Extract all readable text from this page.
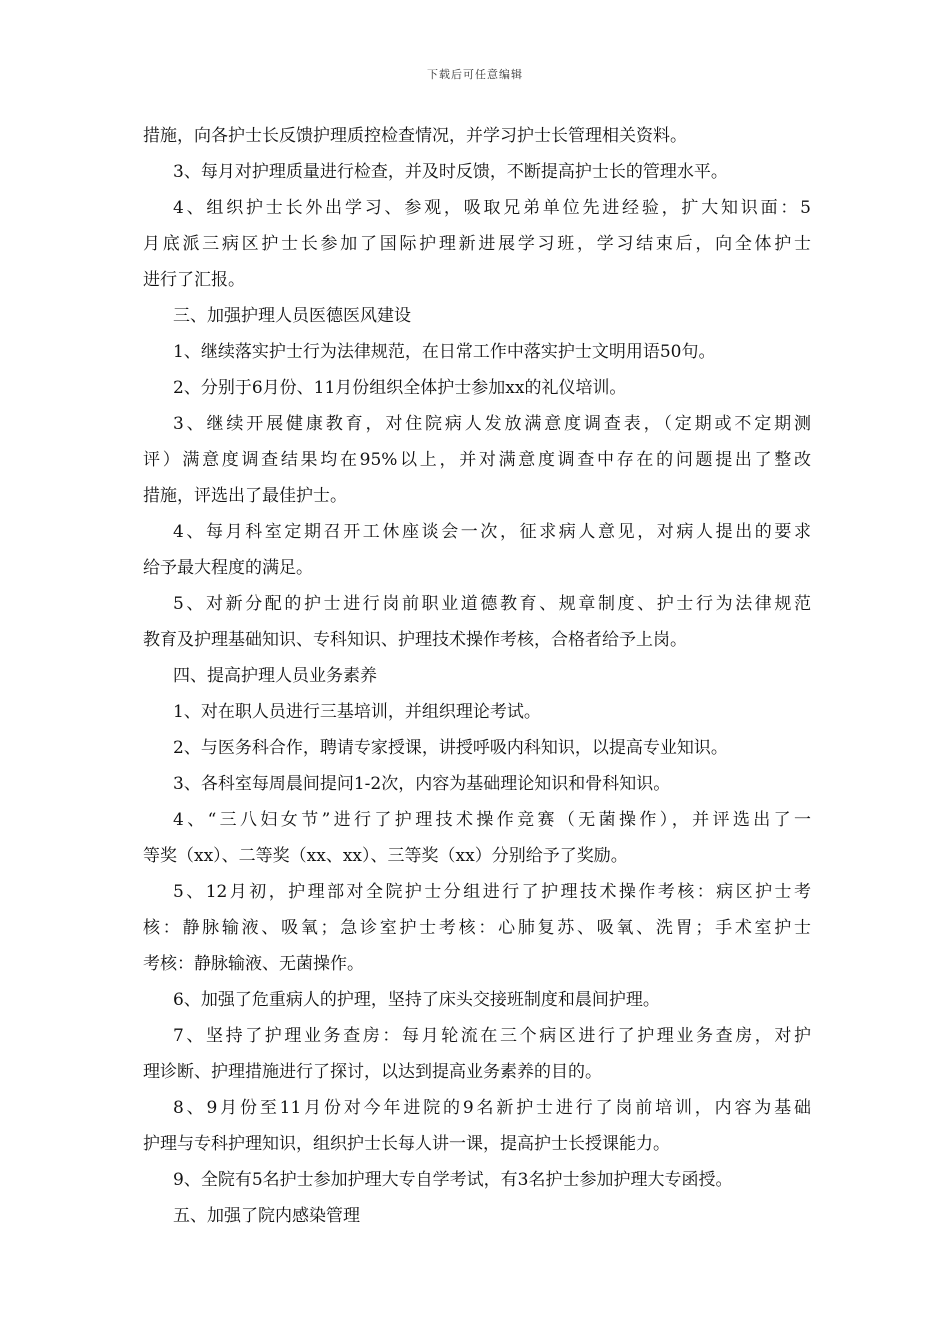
下载后可任意编辑
措施，向各护士长反馈护理质控检查情况，并学习护士长管理相关资料。
3、每月对护理质量进行检查，并及时反馈，不断提高护士长的管理水平。
4、组织护士长外出学习、参观，吸取兄弟单位先进经验，扩大知识面：5
月底派三病区护士长参加了国际护理新进展学习班，学习结束后，向全体护士
进行了汇报。
三、加强护理人员医德医风建设
1、继续落实护士行为法律规范，在日常工作中落实护士文明用语50句。
2、分别于6月份、11月份组织全体护士参加xx的礼仪培训。
3、继续开展健康教育，对住院病人发放满意度调查表，（定期或不定期测
评）满意度调查结果均在95%以上，并对满意度调查中存在的问题提出了整改
措施，评选出了最佳护士。
4、每月科室定期召开工休座谈会一次，征求病人意见，对病人提出的要求
给予最大程度的满足。
5、对新分配的护士进行岗前职业道德教育、规章制度、护士行为法律规范
教育及护理基础知识、专科知识、护理技术操作考核，合格者给予上岗。
四、提高护理人员业务素养
1、对在职人员进行三基培训，并组织理论考试。
2、与医务科合作，聘请专家授课，讲授呼吸内科知识，以提高专业知识。
3、各科室每周晨间提问1-2次，内容为基础理论知识和骨科知识。
4、“三八妇女节”进行了护理技术操作竞赛（无菌操作），并评选出了一
等奖（xx）、二等奖（xx、xx）、三等奖（xx）分别给予了奖励。
5、12月初，护理部对全院护士分组进行了护理技术操作考核：病区护士考
核：静脉输液、吸氧；急诊室护士考核：心肺复苏、吸氧、洗胃；手术室护士
考核：静脉输液、无菌操作。
6、加强了危重病人的护理，坚持了床头交接班制度和晨间护理。
7、坚持了护理业务查房：每月轮流在三个病区进行了护理业务查房，对护
理诊断、护理措施进行了探讨，以达到提高业务素养的目的。
8、9月份至11月份对今年进院的9名新护士进行了岗前培训，内容为基础
护理与专科护理知识，组织护士长每人讲一课，提高护士长授课能力。
9、全院有5名护士参加护理大专自学考试，有3名护士参加护理大专函授。
五、加强了院内感染管理
